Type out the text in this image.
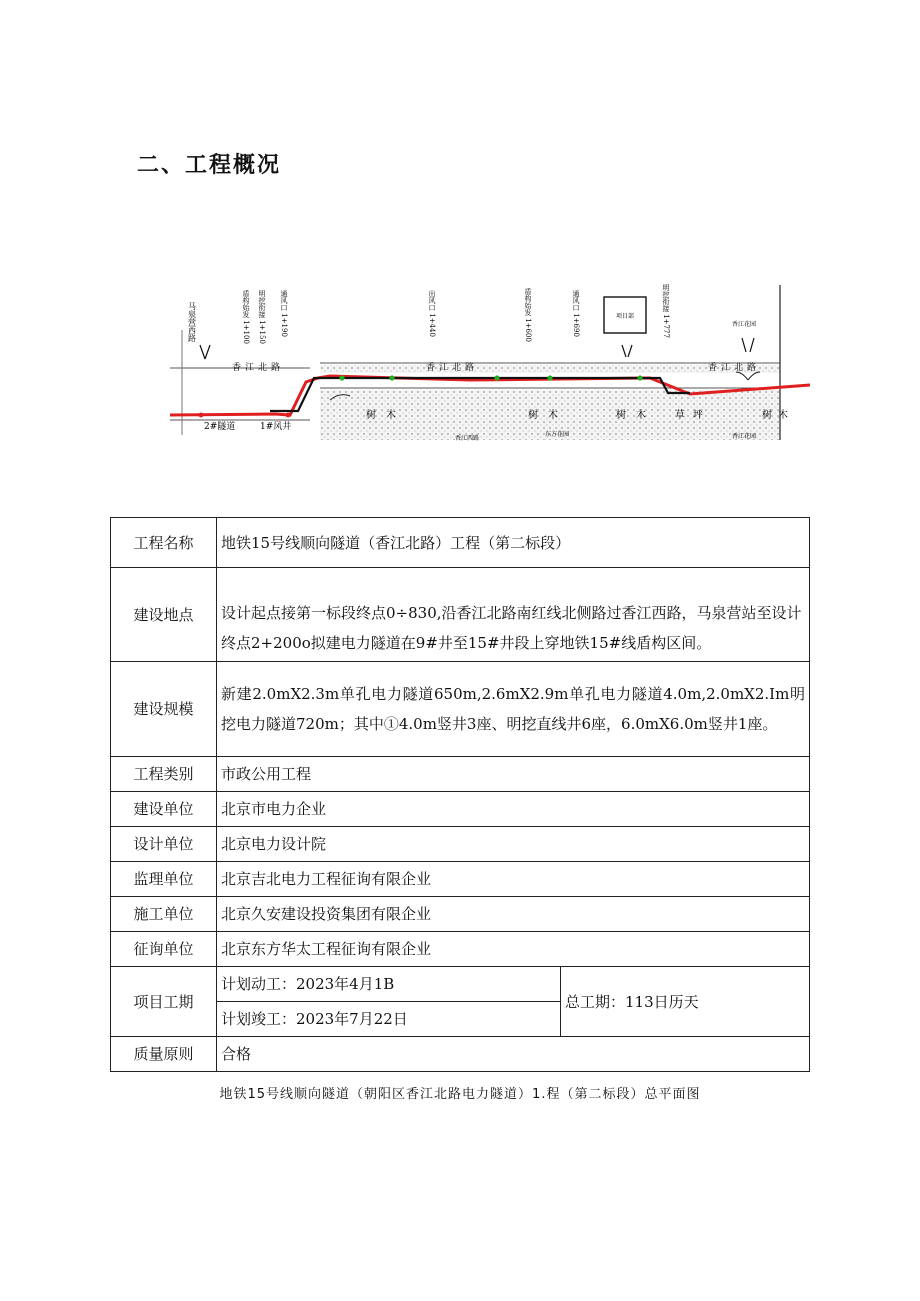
二、工程概况
项目部
香江北路	香江北路	香江北路
马泉营西路
2#隧道	1#风井
树木	树木	树木 草坪	树木
盾构始发 1+100 明挖衔接 1+150 通风口 1+190	出风口 1+440	盾构始发 1+600	通风口 1+690	明挖衔接 1+777	香江花园
香江花园
香江西路
东方花园
工程名称	地铁15号线顺向隧道（香江北路）工程（第二标段）	
建设地点	设计起点接第一标段终点0÷830,沿香江北路南红线北侧路过香江西路，马泉营站至设计终点2+200o拟建电力隧道在9#井至15#井段上穿地铁15#线盾构区间。	
建设规模	新建2.0mX2.3m单孔电力隧道650m,2.6mX2.9m单孔电力隧道4.0m,2.0mX2.Im明挖电力隧道720m；其中①4.0m竖井3座、明挖直线井6座，6.0mX6.0m竖井1座。	
工程类别	市政公用工程	
建设单位	北京市电力企业	
设计单位	北京电力设计院	
监理单位	北京吉北电力工程征询有限企业	
施工单位	北京久安建设投资集团有限企业	
征询单位	北京东方华太工程征询有限企业	
项目工期	计划动工：2023年4月1B	总工期：113日历天
	计划竣工：2023年7月22日	
质量原则	合格	
地铁15号线顺向隧道（朝阳区香江北路电力隧道）1.程（第二标段）总平面图
